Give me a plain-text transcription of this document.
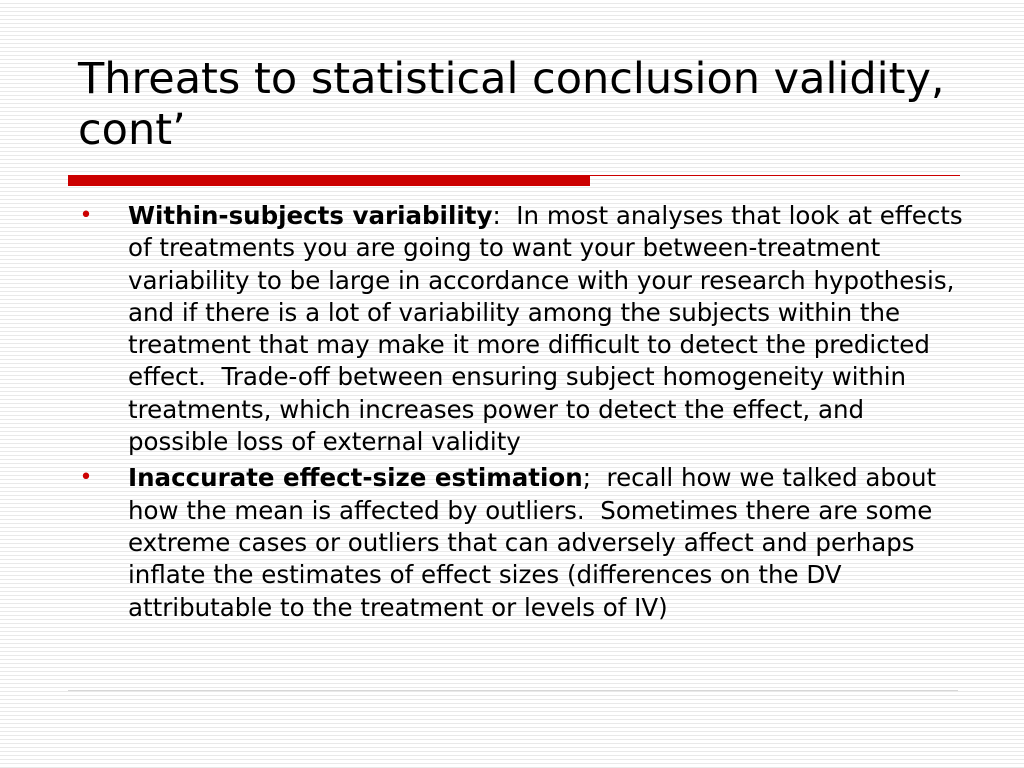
Threats to statistical conclusion validity, cont’
• Within-subjects variability:  In most analyses that look at effects of treatments you are going to want your between-treatment variability to be large in accordance with your research hypothesis, and if there is a lot of variability among the subjects within the treatment that may make it more difficult to detect the predicted effect.  Trade-off between ensuring subject homogeneity within treatments, which increases power to detect the effect, and possible loss of external validity
• Inaccurate effect-size estimation;  recall how we talked about how the mean is affected by outliers.  Sometimes there are some extreme cases or outliers that can adversely affect and perhaps inflate the estimates of effect sizes (differences on the DV attributable to the treatment or levels of IV)
